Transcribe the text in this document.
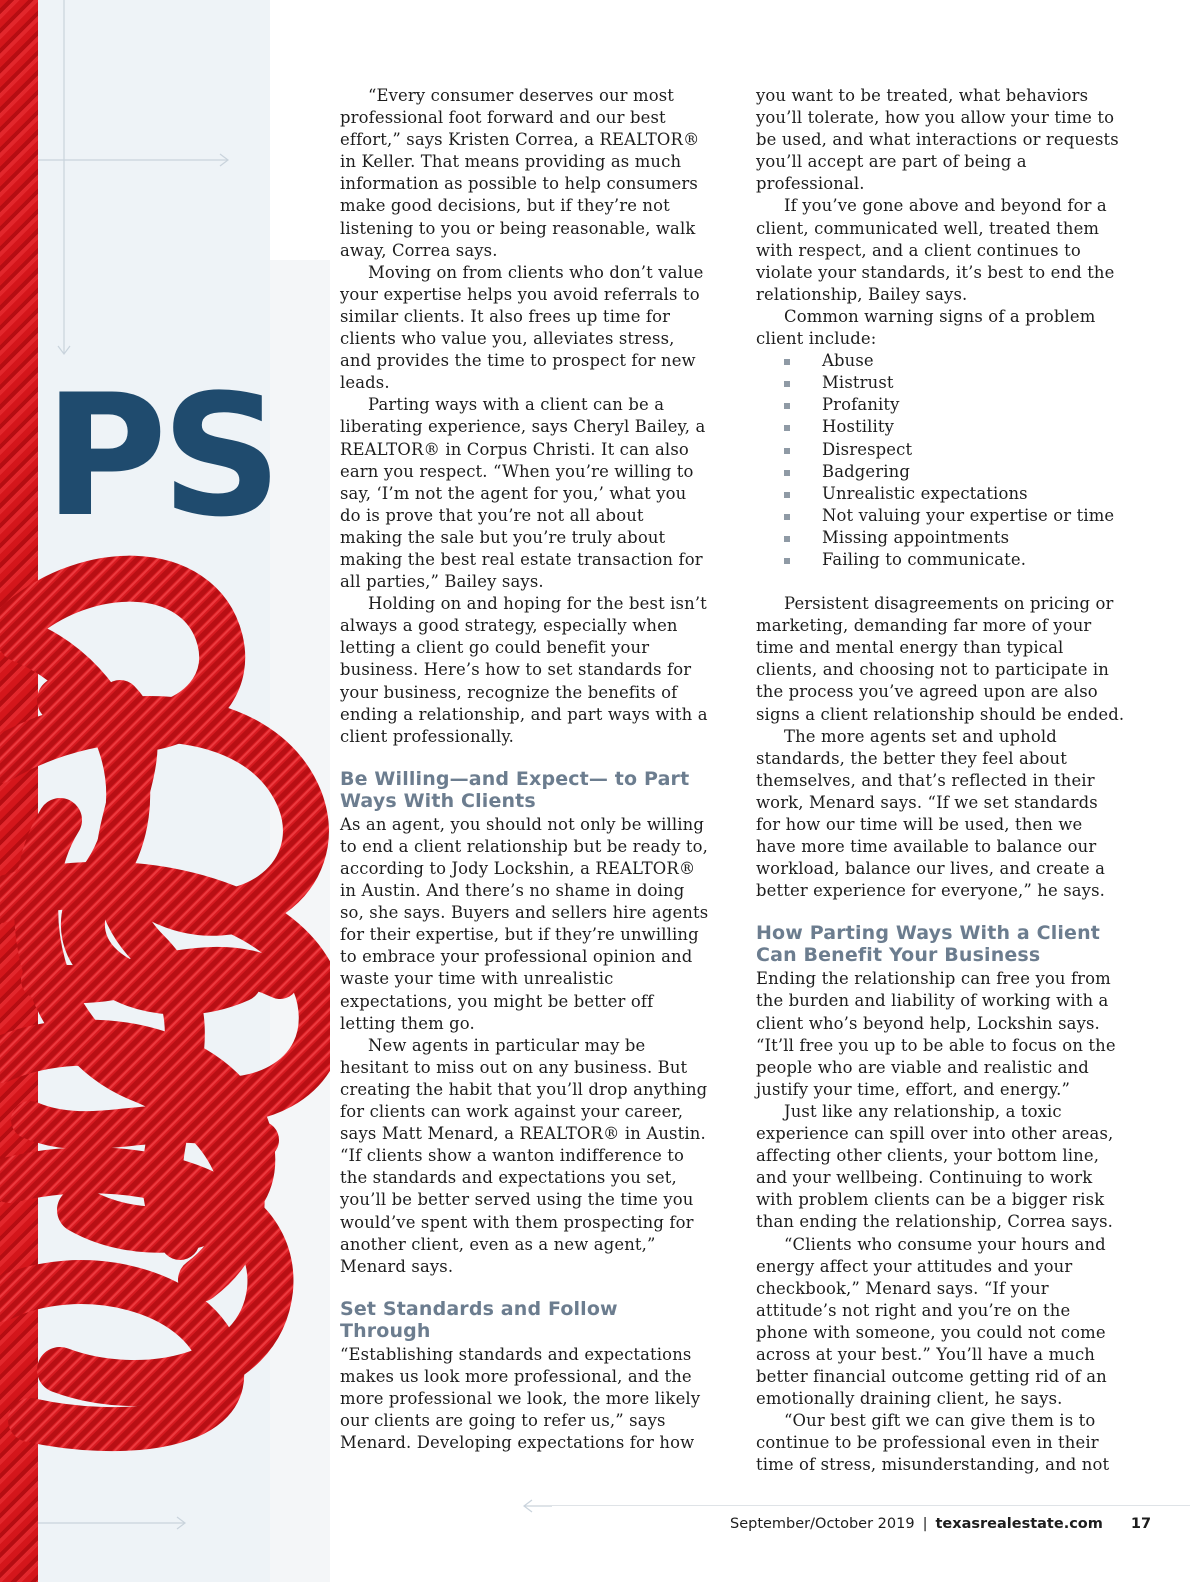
PS

“Every consumer deserves our most professional foot forward and our best effort,” says Kristen Correa, a REALTOR® in Keller. That means providing as much information as possible to help consumers make good decisions, but if they’re not listening to you or being reasonable, walk away, Correa says.

Moving on from clients who don’t value your expertise helps you avoid referrals to similar clients. It also frees up time for clients who value you, alleviates stress, and provides the time to prospect for new leads.

Parting ways with a client can be a liberating experience, says Cheryl Bailey, a REALTOR® in Corpus Christi. It can also earn you respect. “When you’re willing to say, ‘I’m not the agent for you,’ what you do is prove that you’re not all about making the sale but you’re truly about making the best real estate transaction for all parties,” Bailey says.

Holding on and hoping for the best isn’t always a good strategy, especially when letting a client go could benefit your business. Here’s how to set standards for your business, recognize the benefits of ending a relationship, and part ways with a client professionally.

Be Willing—and Expect— to Part Ways With Clients

As an agent, you should not only be willing to end a client relationship but be ready to, according to Jody Lockshin, a REALTOR® in Austin. And there’s no shame in doing so, she says. Buyers and sellers hire agents for their expertise, but if they’re unwilling to embrace your professional opinion and waste your time with unrealistic expectations, you might be better off letting them go.

New agents in particular may be hesitant to miss out on any business. But creating the habit that you’ll drop anything for clients can work against your career, says Matt Menard, a REALTOR® in Austin. “If clients show a wanton indifference to the standards and expectations you set, you’ll be better served using the time you would’ve spent with them prospecting for another client, even as a new agent,” Menard says.

Set Standards and Follow Through

“Establishing standards and expectations makes us look more professional, and the more professional we look, the more likely our clients are going to refer us,” says Menard. Developing expectations for how

you want to be treated, what behaviors you’ll tolerate, how you allow your time to be used, and what interactions or requests you’ll accept are part of being a professional.

If you’ve gone above and beyond for a client, communicated well, treated them with respect, and a client continues to violate your standards, it’s best to end the relationship, Bailey says.

Common warning signs of a problem client include:

Abuse
Mistrust
Profanity
Hostility
Disrespect
Badgering
Unrealistic expectations
Not valuing your expertise or time
Missing appointments
Failing to communicate.

Persistent disagreements on pricing or marketing, demanding far more of your time and mental energy than typical clients, and choosing not to participate in the process you’ve agreed upon are also signs a client relationship should be ended.

The more agents set and uphold standards, the better they feel about themselves, and that’s reflected in their work, Menard says. “If we set standards for how our time will be used, then we have more time available to balance our workload, balance our lives, and create a better experience for everyone,” he says.

How Parting Ways With a Client Can Benefit Your Business

Ending the relationship can free you from the burden and liability of working with a client who’s beyond help, Lockshin says. “It’ll free you up to be able to focus on the people who are viable and realistic and justify your time, effort, and energy.”

Just like any relationship, a toxic experience can spill over into other areas, affecting other clients, your bottom line, and your wellbeing. Continuing to work with problem clients can be a bigger risk than ending the relationship, Correa says.

“Clients who consume your hours and energy affect your attitudes and your checkbook,” Menard says. “If your attitude’s not right and you’re on the phone with someone, you could not come across at your best.” You’ll have a much better financial outcome getting rid of an emotionally draining client, he says.

“Our best gift we can give them is to continue to be professional even in their time of stress, misunderstanding, and not

September/October 2019 | texasrealestate.com 17
